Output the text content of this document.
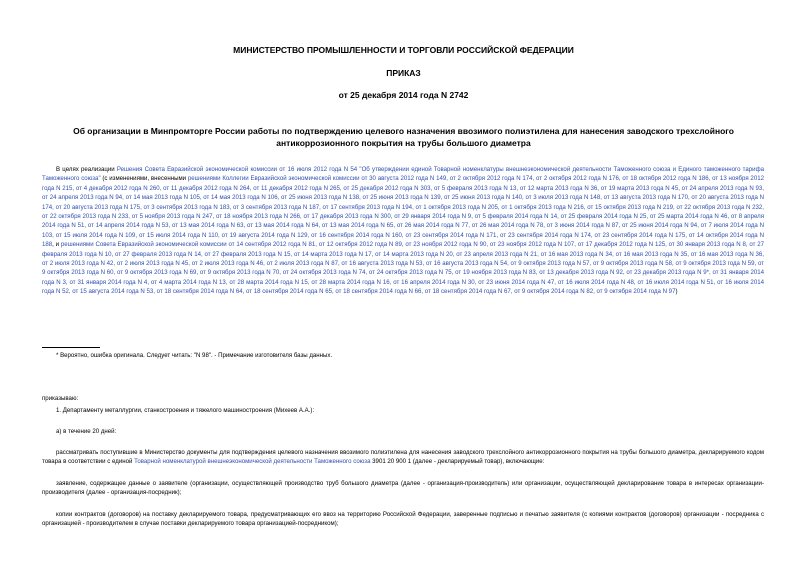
МИНИСТЕРСТВО ПРОМЫШЛЕННОСТИ И ТОРГОВЛИ РОССИЙСКОЙ ФЕДЕРАЦИИ
ПРИКАЗ
от 25 декабря 2014 года N 2742
Об организации в Минпромторге России работы по подтверждению целевого назначения ввозимого полиэтилена для нанесения заводского трехслойного антикоррозионного покрытия на трубы большого диаметра
В целях реализации Решения Совета Евразийской экономической комиссии от 16 июля 2012 года N 54 "Об утверждении единой Товарной номенклатуры внешнеэкономической деятельности Таможенного союза и Единого таможенного тарифа Таможенного союза" (с изменениями, внесенными решениями Коллегии Евразийской экономической комиссии от 30 августа 2012 года N 149, от 2 октября 2012 года N 174, от 2 октября 2012 года N 176, от 18 октября 2012 года N 186, от 13 ноября 2012 года N 215, от 4 декабря 2012 года N 260, от 11 декабря 2012 года N 264, от 11 декабря 2012 года N 265, от 25 декабря 2012 года N 303, от 5 февраля 2013 года N 13, от 12 марта 2013 года N 36, от 19 марта 2013 года N 45, от 24 апреля 2013 года N 93, от 24 апреля 2013 года N 94, от 14 мая 2013 года N 105, от 14 мая 2013 года N 106, от 25 июня 2013 года N 138, от 25 июня 2013 года N 139, от 25 июня 2013 года N 140, от 3 июля 2013 года N 148, от 13 августа 2013 года N 170, от 20 августа 2013 года N 174, от 20 августа 2013 года N 175, от 3 сентября 2013 года N 183, от 3 сентября 2013 года N 187, от 17 сентября 2013 года N 194, от 1 октября 2013 года N 205, от 1 октября 2013 года N 216, от 15 октября 2013 года N 219, от 22 октября 2013 года N 232, от 22 октября 2013 года N 233, от 5 ноября 2013 года N 247, от 18 ноября 2013 года N 266, от 17 декабря 2013 года N 300, от 29 января 2014 года N 9, от 5 февраля 2014 года N 14, от 25 февраля 2014 года N 25, от 25 марта 2014 года N 46, от 8 апреля 2014 года N 51, от 14 апреля 2014 года N 53, от 13 мая 2014 года N 63, от 13 мая 2014 года N 64, от 13 мая 2014 года N 65, от 26 мая 2014 года N 77, от 26 мая 2014 года N 78, от 3 июня 2014 года N 87, от 25 июня 2014 года N 94, от 7 июля 2014 года N 103, от 15 июля 2014 года N 109, от 15 июля 2014 года N 110, от 19 августа 2014 года N 129, от 16 сентября 2014 года N 160, от 23 сентября 2014 года N 171, от 23 сентября 2014 года N 174, от 23 сентября 2014 года N 175, от 14 октября 2014 года N 188, и решениями Совета Евразийской экономической комиссии от 14 сентября 2012 года N 81, от 12 октября 2012 года N 89, от 23 ноября 2012 года N 90, от 23 ноября 2012 года N 107, от 17 декабря 2012 года N 125, от 30 января 2013 года N 8, от 27 февраля 2013 года N 10, от 27 февраля 2013 года N 14, от 27 февраля 2013 года N 15, от 14 марта 2013 года N 17, от 14 марта 2013 года N 20, от 23 апреля 2013 года N 21, от 16 мая 2013 года N 34, от 16 мая 2013 года N 35, от 16 мая 2013 года N 36, от 2 июля 2013 года N 42, от 2 июля 2013 года N 45, от 2 июля 2013 года N 46, от 2 июля 2013 года N 87, от 16 августа 2013 года N 53, от 16 августа 2013 года N 54, от 9 октября 2013 года N 57, от 9 октября 2013 года N 58, от 9 октября 2013 года N 59, от 9 октября 2013 года N 60, от 9 октября 2013 года N 69, от 9 октября 2013 года N 70, от 24 октября 2013 года N 74, от 24 октября 2013 года N 75, от 19 ноября 2013 года N 83, от 13 декабря 2013 года N 92, от 23 декабря 2013 года N 9*, от 31 января 2014 года N 3, от 31 января 2014 года N 4, от 4 марта 2014 года N 13, от 28 марта 2014 года N 15, от 28 марта 2014 года N 16, от 16 апреля 2014 года N 30, от 23 июня 2014 года N 47, от 16 июля 2014 года N 48, от 16 июля 2014 года N 51, от 16 июля 2014 года N 52, от 15 августа 2014 года N 53, от 18 сентября 2014 года N 64, от 18 сентября 2014 года N 65, от 18 сентября 2014 года N 66, от 18 сентября 2014 года N 67, от 9 октября 2014 года N 82, от 9 октября 2014 года N 97)
* Вероятно, ошибка оригинала. Следует читать: "N 98". - Примечание изготовителя базы данных.
приказываю:
1. Департаменту металлургии, станкостроения и тяжелого машиностроения (Михеев А.А.):
а) в течение 20 дней:
рассматривать поступившие в Министерство документы для подтверждения целевого назначения ввозимого полиэтилена для нанесения заводского трехслойного антикоррозионного покрытия на трубы большого диаметра, декларируемого кодом товара в соответствии с единой Товарной номенклатурой внешнеэкономической деятельности Таможенного союза 3901 20 900 1 (далее - декларируемый товар), включающие:
заявление, содержащее данные о заявителе (организации, осуществляющей производство труб большого диаметра (далее - организация-производитель) или организации, осуществляющей декларирование товара в интересах организации-производителя (далее - организация-посредник);
копии контрактов (договоров) на поставку декларируемого товара, предусматривающих его ввоз на территорию Российской Федерации, заверенные подписью и печатью заявителя (с копиями контрактов (договоров) организации - посредника с организацией - производителем в случае поставки декларируемого товара организацией-посредником);
